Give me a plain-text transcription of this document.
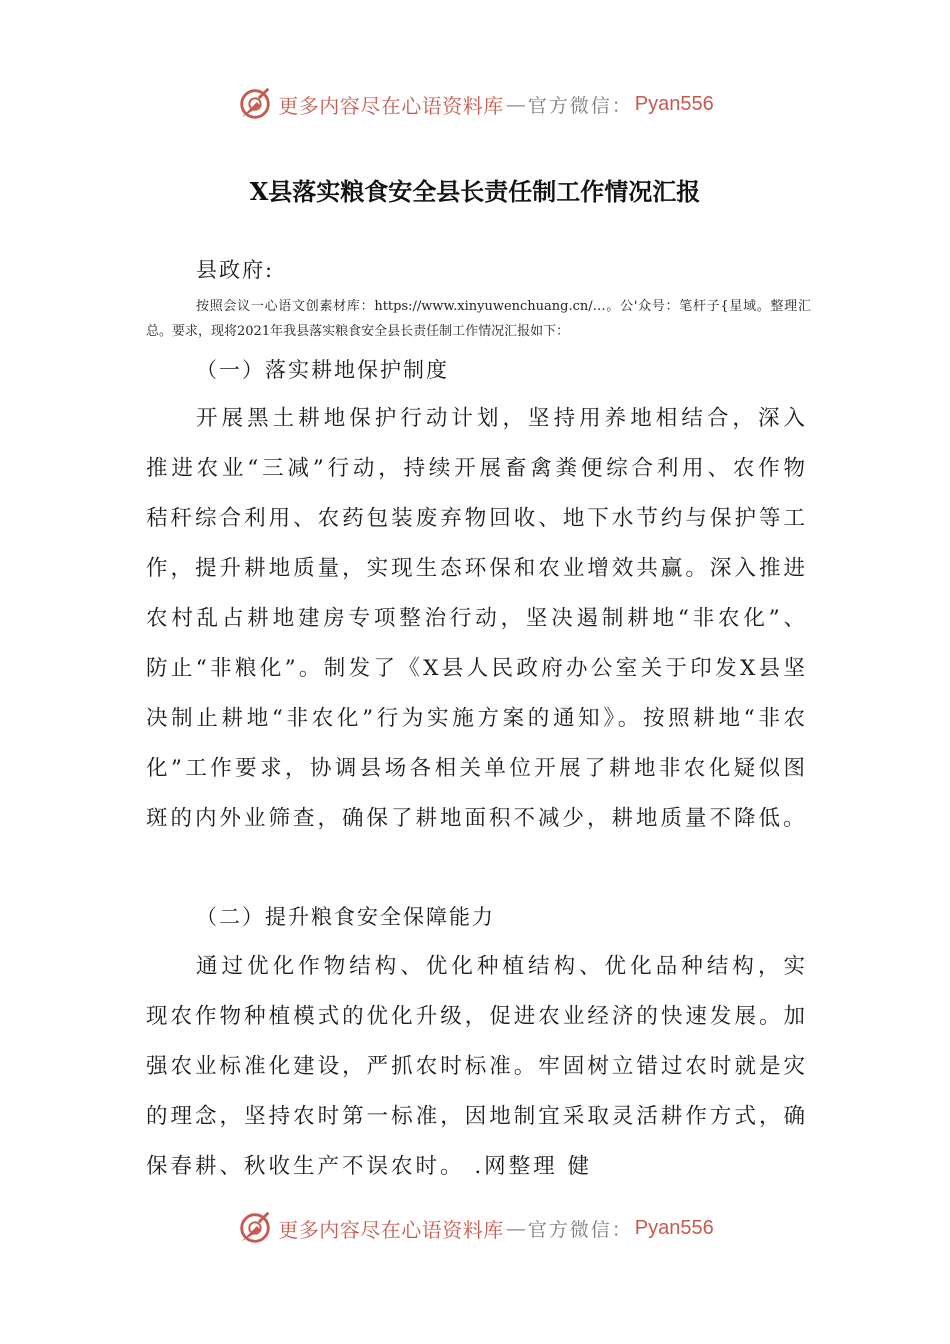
更多内容尽在心语资料库 — 官方微信： Pyan556
X县落实粮食安全县长责任制工作情况汇报
县政府:
按照会议一心语文创素材库：https://www.xinyuwenchuang.cn/…。公'众号：笔杆子{星域。整理汇总。要求，现将2021年我县落实粮食安全县长责任制工作情况汇报如下：
（一）落实耕地保护制度
开展黑土耕地保护行动计划，坚持用养地相结合，深入推进农业“三减”行动，持续开展畜禽粪便综合利用、农作物秸秆综合利用、农药包装废弃物回收、地下水节约与保护等工作，提升耕地质量，实现生态环保和农业增效共赢。深入推进农村乱占耕地建房专项整治行动，坚决遏制耕地“非农化”、防止“非粮化”。制发了《X县人民政府办公室关于印发X县坚决制止耕地“非农化”行为实施方案的通知》。按照耕地“非农化”工作要求，协调县场各相关单位开展了耕地非农化疑似图斑的内外业筛查，确保了耕地面积不减少，耕地质量不降低。
（二）提升粮食安全保障能力
通过优化作物结构、优化种植结构、优化品种结构，实现农作物种植模式的优化升级，促进农业经济的快速发展。加强农业标准化建设，严抓农时标准。牢固树立错过农时就是灾的理念，坚持农时第一标准，因地制宜采取灵活耕作方式，确保春耕、秋收生产不误农时。 .网整理 健
更多内容尽在心语资料库 — 官方微信： Pyan556
